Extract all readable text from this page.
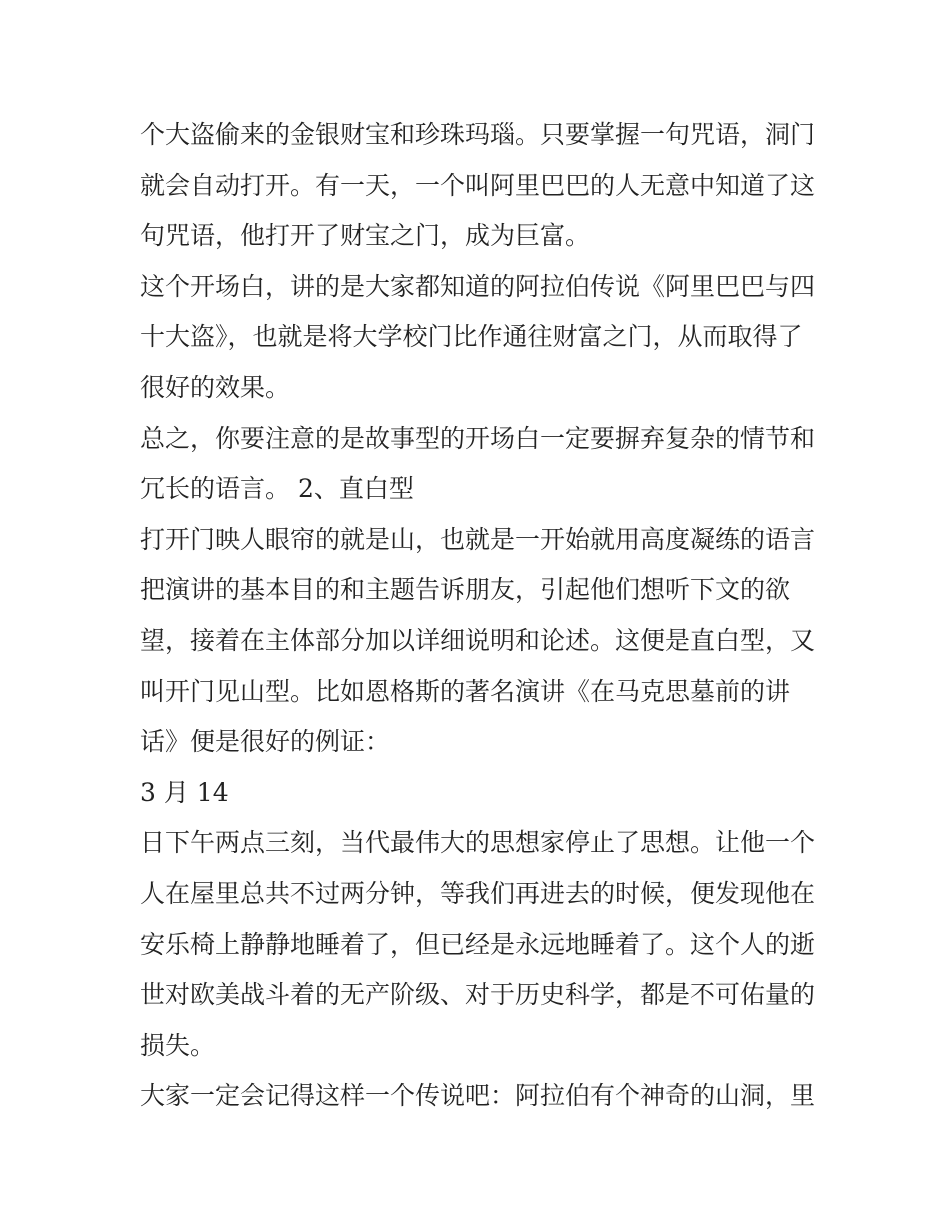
个大盗偷来的金银财宝和珍珠玛瑙。只要掌握一句咒语，洞门
就会自动打开。有一天，一个叫阿里巴巴的人无意中知道了这
句咒语，他打开了财宝之门，成为巨富。
这个开场白，讲的是大家都知道的阿拉伯传说《阿里巴巴与四
十大盗》，也就是将大学校门比作通往财富之门，从而取得了
很好的效果。
总之，你要注意的是故事型的开场白一定要摒弃复杂的情节和
冗长的语言。 2、直白型
打开门映人眼帘的就是山，也就是一开始就用高度凝练的语言
把演讲的基本目的和主题告诉朋友，引起他们想听下文的欲
望，接着在主体部分加以详细说明和论述。这便是直白型，又
叫开门见山型。比如恩格斯的著名演讲《在马克思墓前的讲
话》便是很好的例证：
3 月 14
日下午两点三刻，当代最伟大的思想家停止了思想。让他一个
人在屋里总共不过两分钟，等我们再进去的时候，便发现他在
安乐椅上静静地睡着了，但已经是永远地睡着了。这个人的逝
世对欧美战斗着的无产阶级、对于历史科学，都是不可佑量的
损失。
大家一定会记得这样一个传说吧：阿拉伯有个神奇的山洞，里
